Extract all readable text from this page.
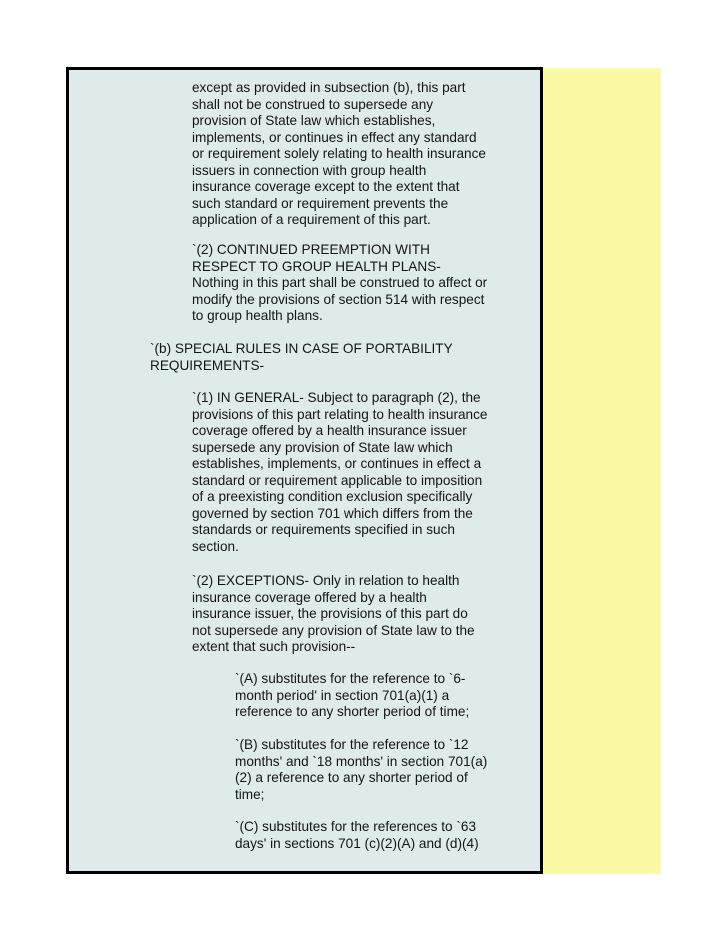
except as provided in subsection (b), this part
shall not be construed to supersede any
provision of State law which establishes,
implements, or continues in effect any standard
or requirement solely relating to health insurance
issuers in connection with group health
insurance coverage except to the extent that
such standard or requirement prevents the
application of a requirement of this part.

`(2) CONTINUED PREEMPTION WITH
RESPECT TO GROUP HEALTH PLANS-
Nothing in this part shall be construed to affect or
modify the provisions of section 514 with respect
to group health plans.

`(b) SPECIAL RULES IN CASE OF PORTABILITY
REQUIREMENTS-

`(1) IN GENERAL- Subject to paragraph (2), the
provisions of this part relating to health insurance
coverage offered by a health insurance issuer
supersede any provision of State law which
establishes, implements, or continues in effect a
standard or requirement applicable to imposition
of a preexisting condition exclusion specifically
governed by section 701 which differs from the
standards or requirements specified in such
section.

`(2) EXCEPTIONS- Only in relation to health
insurance coverage offered by a health
insurance issuer, the provisions of this part do
not supersede any provision of State law to the
extent that such provision--

`(A) substitutes for the reference to `6-
month period' in section 701(a)(1) a
reference to any shorter period of time;

`(B) substitutes for the reference to `12
months' and `18 months' in section 701(a)
(2) a reference to any shorter period of
time;

`(C) substitutes for the references to `63
days' in sections 701 (c)(2)(A) and (d)(4)
